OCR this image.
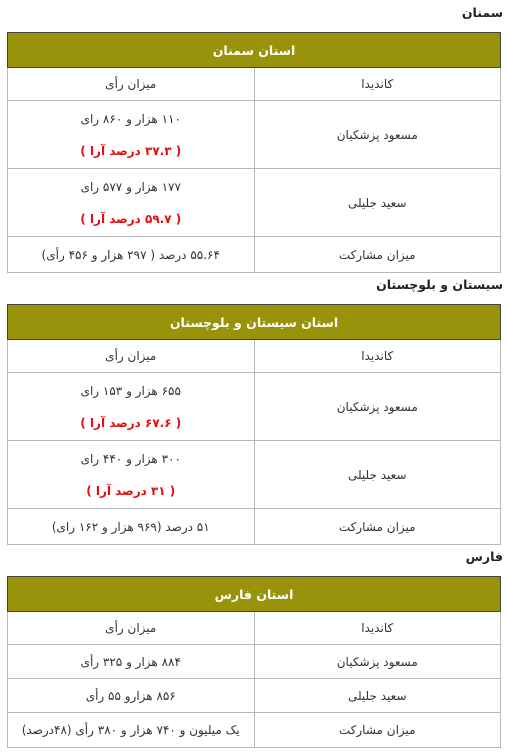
سمنان
استان سمنان	
کاندیدا	میزان رأی
مسعود پزشکیان	۱۱۰ هزار و ۸۶۰ رای
( ۳۷.۳ درصد آرا )

سعید جلیلی	۱۷۷ هزار و ۵۷۷ رای
( ۵۹.۷ درصد آرا )

میزان مشارکت	۵۵.۶۴ درصد ( ۲۹۷ هزار و ۴۵۶ رأی)
سیستان و بلوچستان
استان سیستان و بلوچستان	
کاندیدا	میزان رأی
مسعود پزشکیان	۶۵۵ هزار و ۱۵۳ رای
( ۶۷.۶ درصد آرا )

سعید جلیلی	۳۰۰ هزار و ۴۴۰ رای
( ۳۱ درصد آرا )

میزان مشارکت	۵۱ درصد (۹۶۹ هزار و ۱۶۲ رای)
فارس
استان فارس	
کاندیدا	میزان رأی
مسعود پزشکیان	۸۸۴ هزار و ۳۲۵ رأی
سعید جلیلی	۸۵۶ هزارو ۵۵ رأی
میزان مشارکت	یک میلیون و ۷۴۰ هزار و ۳۸۰ رأی (۴۸درصد)
